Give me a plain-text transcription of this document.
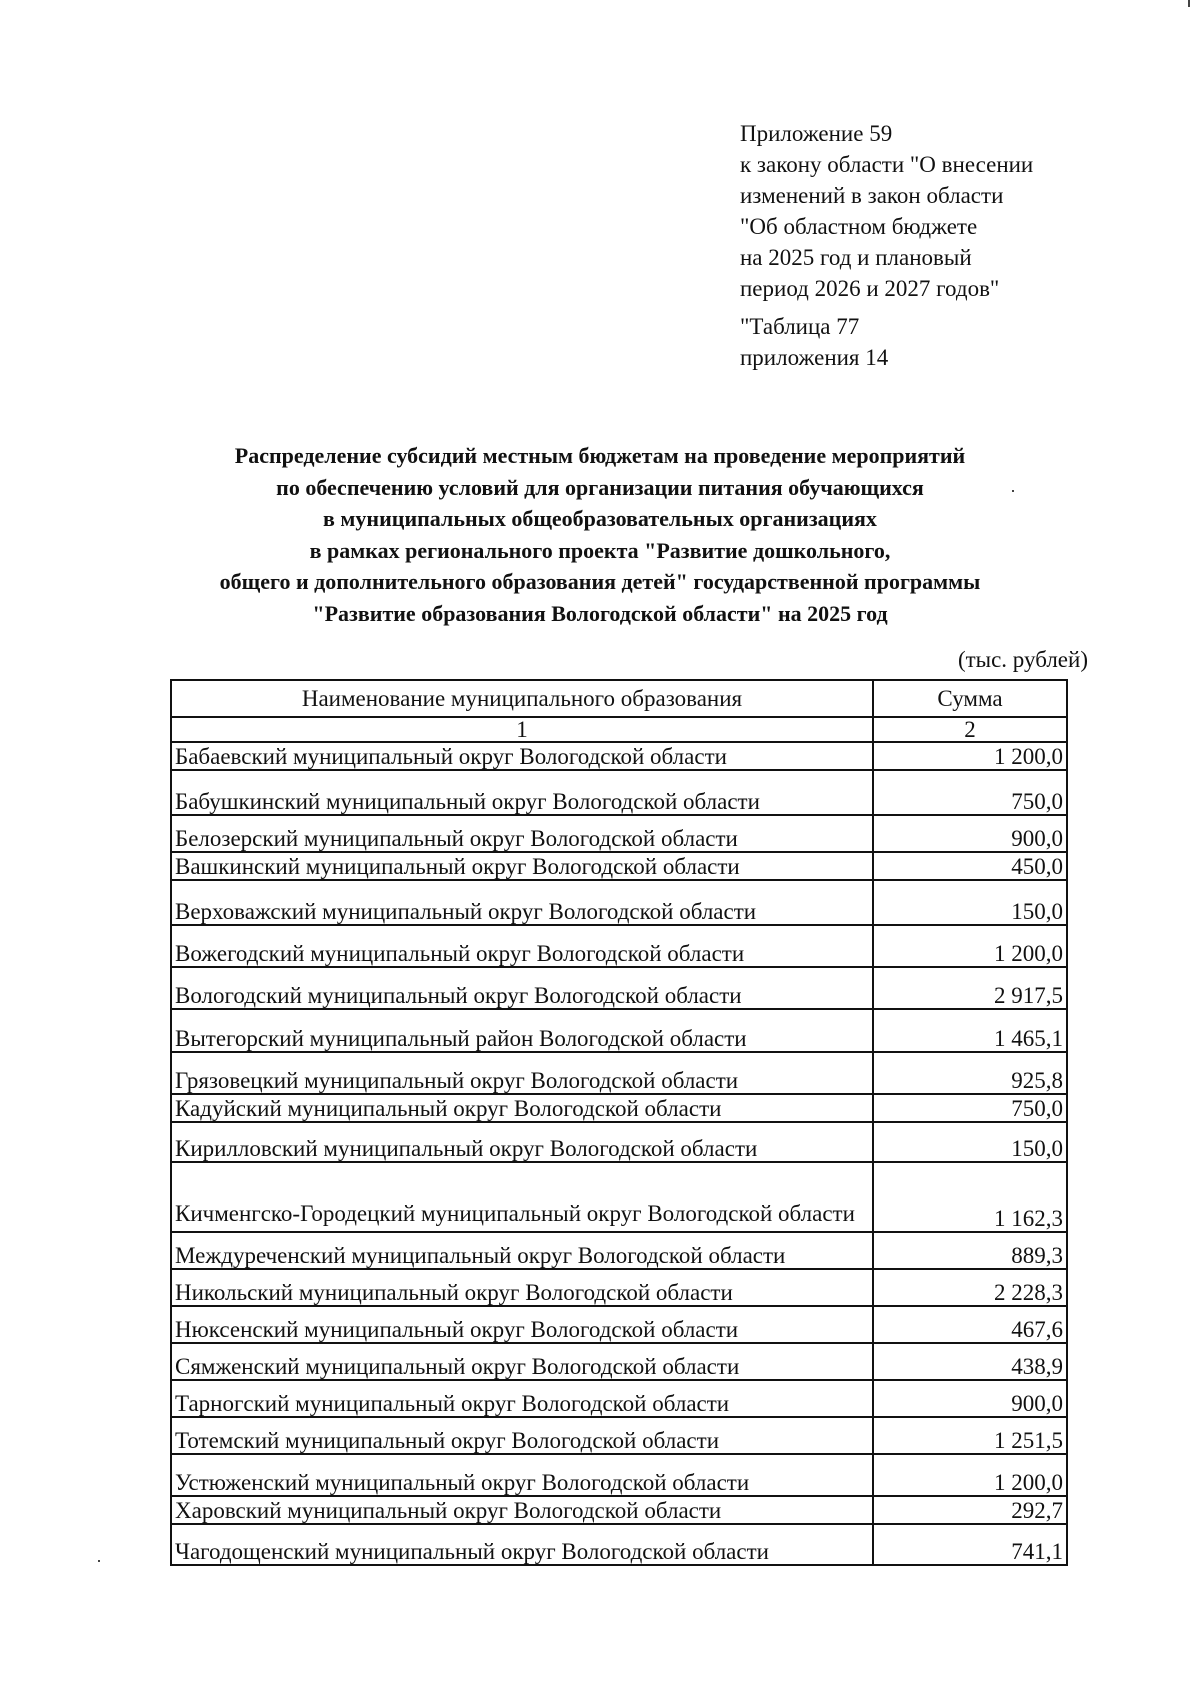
Приложение 59
к закону области "О внесении
изменений в закон области
"Об областном бюджете
на 2025 год и плановый
период 2026 и 2027 годов"
"Таблица 77
приложения 14
Распределение субсидий местным бюджетам на проведение мероприятий
по обеспечению условий для организации питания обучающихся
в муниципальных общеобразовательных организациях
в рамках регионального проекта "Развитие дошкольного,
общего и дополнительного образования детей" государственной программы
"Развитие образования Вологодской области" на 2025 год
(тыс. рублей)
Наименование муниципального образования	Сумма
1	2
Бабаевский муниципальный округ Вологодской области	1 200,0
Бабушкинский муниципальный округ Вологодской области	750,0
Белозерский муниципальный округ Вологодской области	900,0
Вашкинский муниципальный округ Вологодской области	450,0
Верховажский муниципальный округ Вологодской области	150,0
Вожегодский муниципальный округ Вологодской области	1 200,0
Вологодский муниципальный округ Вологодской области	2 917,5
Вытегорский муниципальный район Вологодской области	1 465,1
Грязовецкий муниципальный округ Вологодской области	925,8
Кадуйский муниципальный округ Вологодской области	750,0
Кирилловский муниципальный округ Вологодской области	150,0
Кичменгско-Городецкий муниципальный округ Вологодской области	1 162,3
Междуреченский муниципальный округ Вологодской области	889,3
Никольский муниципальный округ Вологодской области	2 228,3
Нюксенский муниципальный округ Вологодской области	467,6
Сямженский муниципальный округ Вологодской области	438,9
Тарногский муниципальный округ Вологодской области	900,0
Тотемский муниципальный округ Вологодской области	1 251,5
Устюженский муниципальный округ Вологодской области	1 200,0
Харовский муниципальный округ Вологодской области	292,7
Чагодощенский муниципальный округ Вологодской области	741,1
